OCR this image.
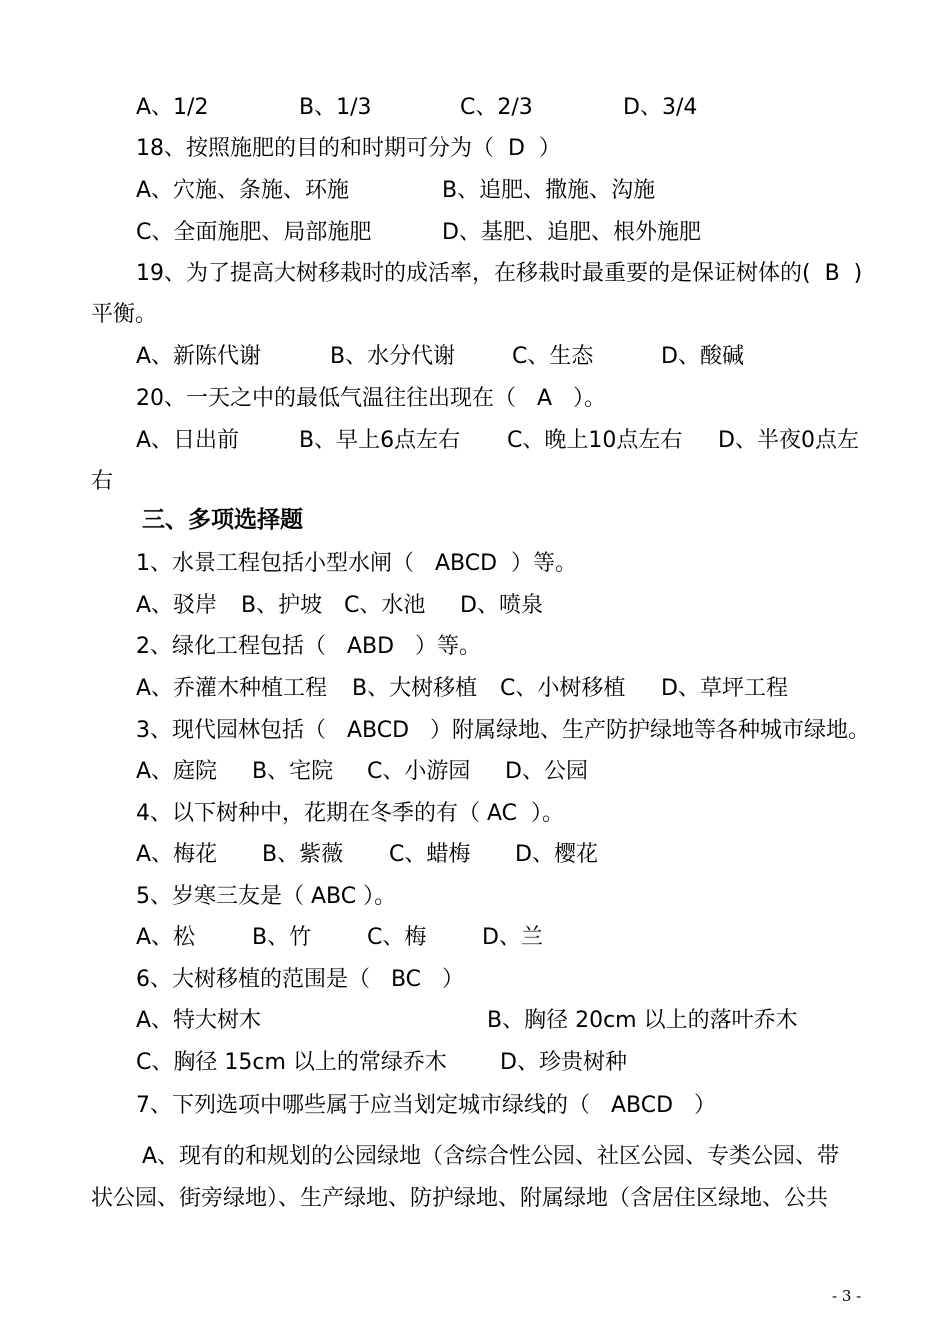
A、1/2	B、1/3	C、2/3	D、3/4
18、按照施肥的目的和时期可分为（  D  ）
A、穴施、条施、环施	B、追肥、撒施、沟施
C、全面施肥、局部施肥	D、基肥、追肥、根外施肥
19、为了提高大树移栽时的成活率，在移栽时最重要的是保证树体的(  B  )
平衡。
A、新陈代谢	B、水分代谢	C、生态	D、酸碱
20、一天之中的最低气温往往出现在（   A   ）。
A、日出前	B、早上6点左右 C、晚上10点左右 D、半夜0点左
右
三、多项选择题
1、水景工程包括小型水闸（   ABCD  ）等。
A、驳岸 B、护坡 C、水池 D、喷泉
2、绿化工程包括（   ABD   ）等。
A、乔灌木种植工程 B、大树移植 C、小树移植 D、草坪工程
3、现代园林包括（   ABCD   ）附属绿地、生产防护绿地等各种城市绿地。
A、庭院 B、宅院 C、小游园 D、公园
4、以下树种中，花期在冬季的有（ AC  ）。
A、梅花 B、紫薇 C、蜡梅 D、樱花
5、岁寒三友是（ ABC ）。
A、松	B、竹	C、梅	D、兰
6、大树移植的范围是（   BC   ）
A、特大树木	B、胸径 20cm 以上的落叶乔木
C、胸径 15cm 以上的常绿乔木 D、珍贵树种
7、下列选项中哪些属于应当划定城市绿线的（   ABCD   ）
A、现有的和规划的公园绿地（含综合性公园、社区公园、专类公园、带
状公园、街旁绿地）、生产绿地、防护绿地、附属绿地（含居住区绿地、公共
- 3 -
